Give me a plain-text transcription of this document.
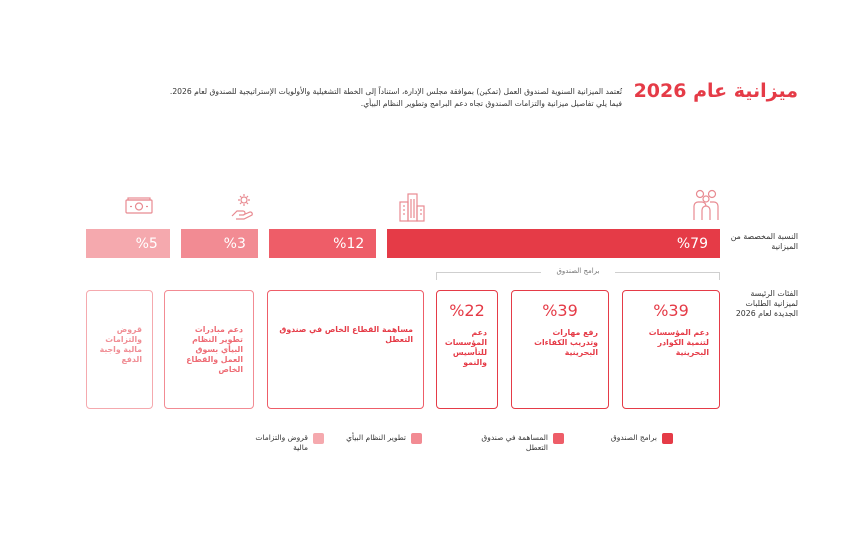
ميزانية عام 2026
تُعتمد الميزانية السنوية لصندوق العمل (تمكين) بموافقة مجلس الإدارة، استناداً إلى الخطة التشغيلية والأولويات الإستراتيجية للصندوق لعام 2026. فيما يلي تفاصيل ميزانية والتزامات الصندوق تجاه دعم البرامج وتطوير النظام البيأي.
%79
%12
%3
%5	النسبة المخصصة من الميزانية
الفئات الرئيسة لميزانية الطلبات الجديدة لعام 2026
برامج الصندوق
%39
دعم المؤسسات لتنمية الكوادر البحرينية
%39
رفع مهارات وتدريب الكفاءات البحرينية
%22
دعم المؤسسات للتأسيس والنمو
مساهمة القطاع الخاص في صندوق التعطل
دعم مبادرات تطوير النظام البيأي بسوق العمل والقطاع الخاص
قروض والتزامات مالية واجبة الدفع
برامج الصندوق
المساهمة في صندوق التعطل
تطوير النظام البيأي
قروض والتزامات مالية
